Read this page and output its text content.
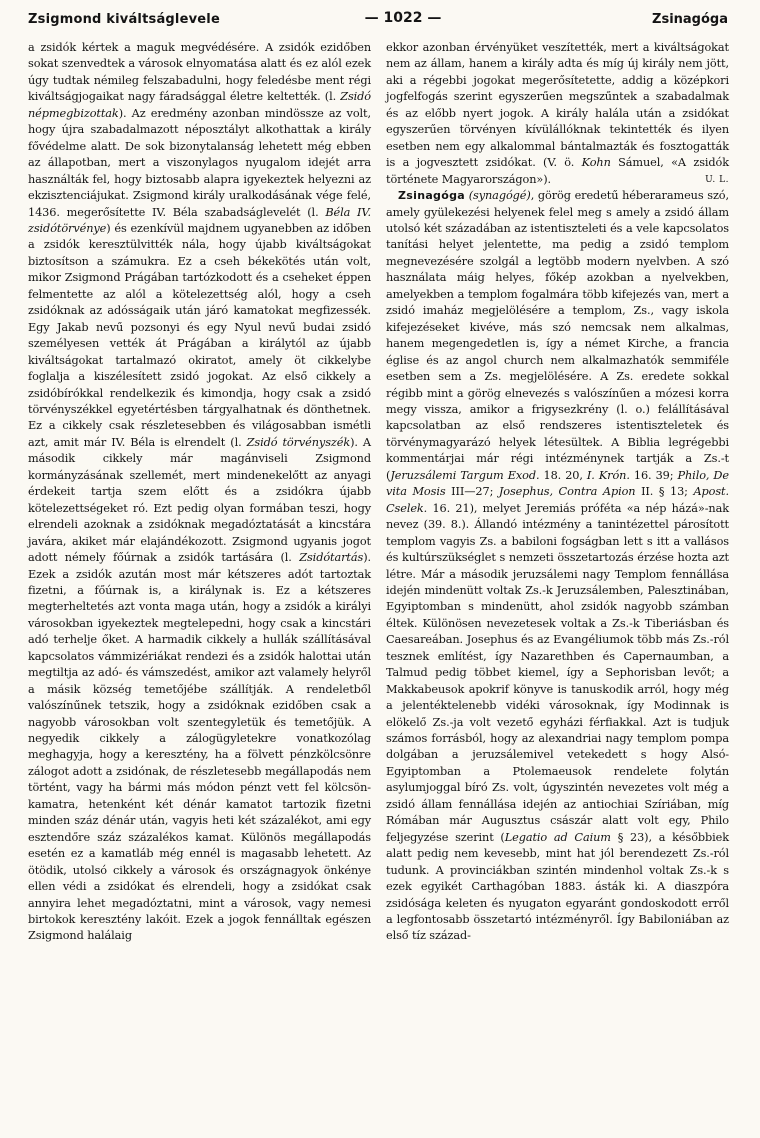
Zsigmond kiváltságlevele	— 1022 —	Zsinagóga

a zsidók kértek a maguk megvédésére. A zsidók ezidőben sokat szenvedtek a városok elnyomatása alatt és ez alól ezek úgy tudtak némileg felszabadulni, hogy feledésbe ment régi kiváltságjogaikat nagy fáradsággal életre keltették. (l. Zsidó népmegbizottak). Az eredmény azonban mindössze az volt, hogy újra szabadalmazott néposztályt alkothattak a király fővédelme alatt. De sok bizonytalanság lehetett még ebben az állapotban, mert a viszonylagos nyugalom idejét arra használták fel, hogy biztosabb alapra igyekeztek helyezni az ekzisztenciájukat. Zsigmond király uralkodásának vége felé, 1436. megerősítette IV. Béla szabadságlevelét (l. Béla IV. zsidótörvénye) és ezenkívül majdnem ugyanebben az időben a zsidók keresztülvitték nála, hogy újabb kiváltságokat biztosítson a számukra. Ez a cseh békekötés után volt, mikor Zsigmond Prágában tartózkodott és a cseheket éppen felmentette az alól a kötelezettség alól, hogy a cseh zsidóknak az adósságaik után járó kamatokat megfizessék. Egy Jakab nevű pozsonyi és egy Nyul nevű budai zsidó személyesen vették át Prágában a királytól az újabb kiváltságokat tartalmazó okiratot, amely öt cikkelybe foglalja a kiszélesített zsidó jogokat. Az első cikkely a zsidóbírókkal rendelkezik és kimondja, hogy csak a zsidó törvényszékkel egyetértésben tárgyalhatnak és dönthetnek. Ez a cikkely csak részletesebben és világosabban ismétli azt, amit már IV. Béla is elrendelt (l. Zsidó törvényszék). A második cikkely már magánviseli Zsigmond kormányzásának szellemét, mert mindenekelőtt az anyagi érdekeit tartja szem előtt és a zsidókra újabb kötelezettségeket ró. Ezt pedig olyan formában teszi, hogy elrendeli azoknak a zsidóknak megadóztatását a kincstára javára, akiket már elajándékozott. Zsigmond ugyanis jogot adott némely főúrnak a zsidók tartására (l. Zsidótartás). Ezek a zsidók azután most már kétszeres adót tartoztak fizetni, a főúrnak is, a királynak is. Ez a kétszeres megterheltetés azt vonta maga után, hogy a zsidók a királyi városokban igyekeztek megtelepedni, hogy csak a kincstári adó terhelje őket. A harmadik cikkely a hullák szállításával kapcsolatos vámmizériákat rendezi és a zsidók halottai után megtiltja az adó- és vámszedést, amikor azt valamely helyről a másik község temetőjébe szállítják. A rendeletből valószínűnek tetszik, hogy a zsidóknak ezidőben csak a nagyobb városokban volt szentegyletük és temetőjük. A negyedik cikkely a zálogügyletekre vonatkozólag meghagyja, hogy a keresztény, ha a fölvett pénzkölcsönre zálogot adott a zsidónak, de részletesebb megállapodás nem történt, vagy ha bármi más módon pénzt vett fel kölcsön-kamatra, hetenként két dénár kamatot tartozik fizetni minden száz dénár után, vagyis heti két százalékot, ami egy esztendőre száz százalékos kamat. Különös megállapodás esetén ez a kamatláb még ennél is magasabb lehetett. Az ötödik, utolsó cikkely a városok és országnagyok önkénye ellen védi a zsidókat és elrendeli, hogy a zsidókat csak annyira lehet megadóztatni, mint a városok, vagy nemesi birtokok keresztény lakóit. Ezek a jogok fennálltak egészen Zsigmond halálaig

ekkor azonban érvényüket veszítették, mert a kiváltságokat nem az állam, hanem a király adta és míg új király nem jött, aki a régebbi jogokat megerősítetette, addig a középkori jogfelfogás szerint egyszerűen megszűntek a szabadalmak és az előbb nyert jogok. A király halála után a zsidókat egyszerűen törvényen kívülállóknak tekintették és ilyen esetben nem egy alkalommal bántalmazták és fosztogatták is a jogvesztett zsidókat. (V. ö. Kohn Sámuel, «A zsidók története Magyarországon»).	U. L.

Zsinagóga (synagógé), görög eredetű héberarameus szó, amely gyülekezési helyenek felel meg s amely a zsidó állam utolsó két századában az istentiszteleti és a vele kapcsolatos tanítási helyet jelentette, ma pedig a zsidó templom megnevezésére szolgál a legtöbb modern nyelvben. A szó használata máig helyes, főkép azokban a nyelvekben, amelyekben a templom fogalmára több kifejezés van, mert a zsidó imaház megjelölésére a templom, Zs., vagy iskola kifejezéseket kivéve, más szó nemcsak nem alkalmas, hanem megengedetlen is, így a német Kirche, a francia église és az angol church nem alkalmazhatók semmiféle esetben sem a Zs. megjelölésére. A Zs. eredete sokkal régibb mint a görög elnevezés s valószínűen a mózesi korra megy vissza, amikor a frigysezkrény (l. o.) felállításával kapcsolatban az első rendszeres istentiszteletek és törvénymagyarázó helyek létesültek. A Biblia legrégebbi kommentárjai már régi intézménynek tartják a Zs.-t (Jeruzsálemi Targum Exod. 18. 20, I. Krón. 16. 39; Philo, De vita Mosis III—27; Josephus, Contra Apion II. § 13; Apost. Cselek. 16. 21), melyet Jeremiás próféta «a nép házá»-nak nevez (39. 8.). Állandó intézmény a tanintézettel párosított templom vagyis Zs. a babiloni fogságban lett s itt a vallásos és kultúrszükséglet s nemzeti összetartozás érzése hozta azt létre. Már a második jeruzsálemi nagy Templom fennállása idején mindenütt voltak Zs.-k Jeruzsálemben, Palesztinában, Egyiptomban s mindenütt, ahol zsidók nagyobb számban éltek. Különösen nevezetesek voltak a Zs.-k Tiberiásban és Caesareában. Josephus és az Evangéliumok több más Zs.-ról tesznek említést, így Nazarethben és Capernaumban, a Talmud pedig többet kiemel, így a Sephorisban levőt; a Makkabeusok apokrif könyve is tanuskodik arról, hogy még a jelentéktelenebb vidéki városoknak, így Modinnak is elökelő Zs.-ja volt vezető egyházi férfiakkal. Azt is tudjuk számos forrásból, hogy az alexandriai nagy templom pompa dolgában a jeruzsálemivel vetekedett s hogy Alsó-Egyiptomban a Ptolemaeusok rendelete folytán asylumjoggal bíró Zs. volt, úgyszintén nevezetes volt még a zsidó állam fennállása idején az antiochiai Szíriában, míg Rómában már Augusztus császár alatt volt egy, Philo feljegyzése szerint (Legatio ad Caium § 23), a későbbiek alatt pedig nem kevesebb, mint hat jól berendezett Zs.-ról tudunk. A provinciákban szintén mindenhol voltak Zs.-k s ezek egyikét Carthagóban 1883. ásták ki. A diaszpóra zsidósága keleten és nyugaton egyaránt gondoskodott erről a legfontosabb összetartó intézményről. Így Babiloniában az első tíz század-
